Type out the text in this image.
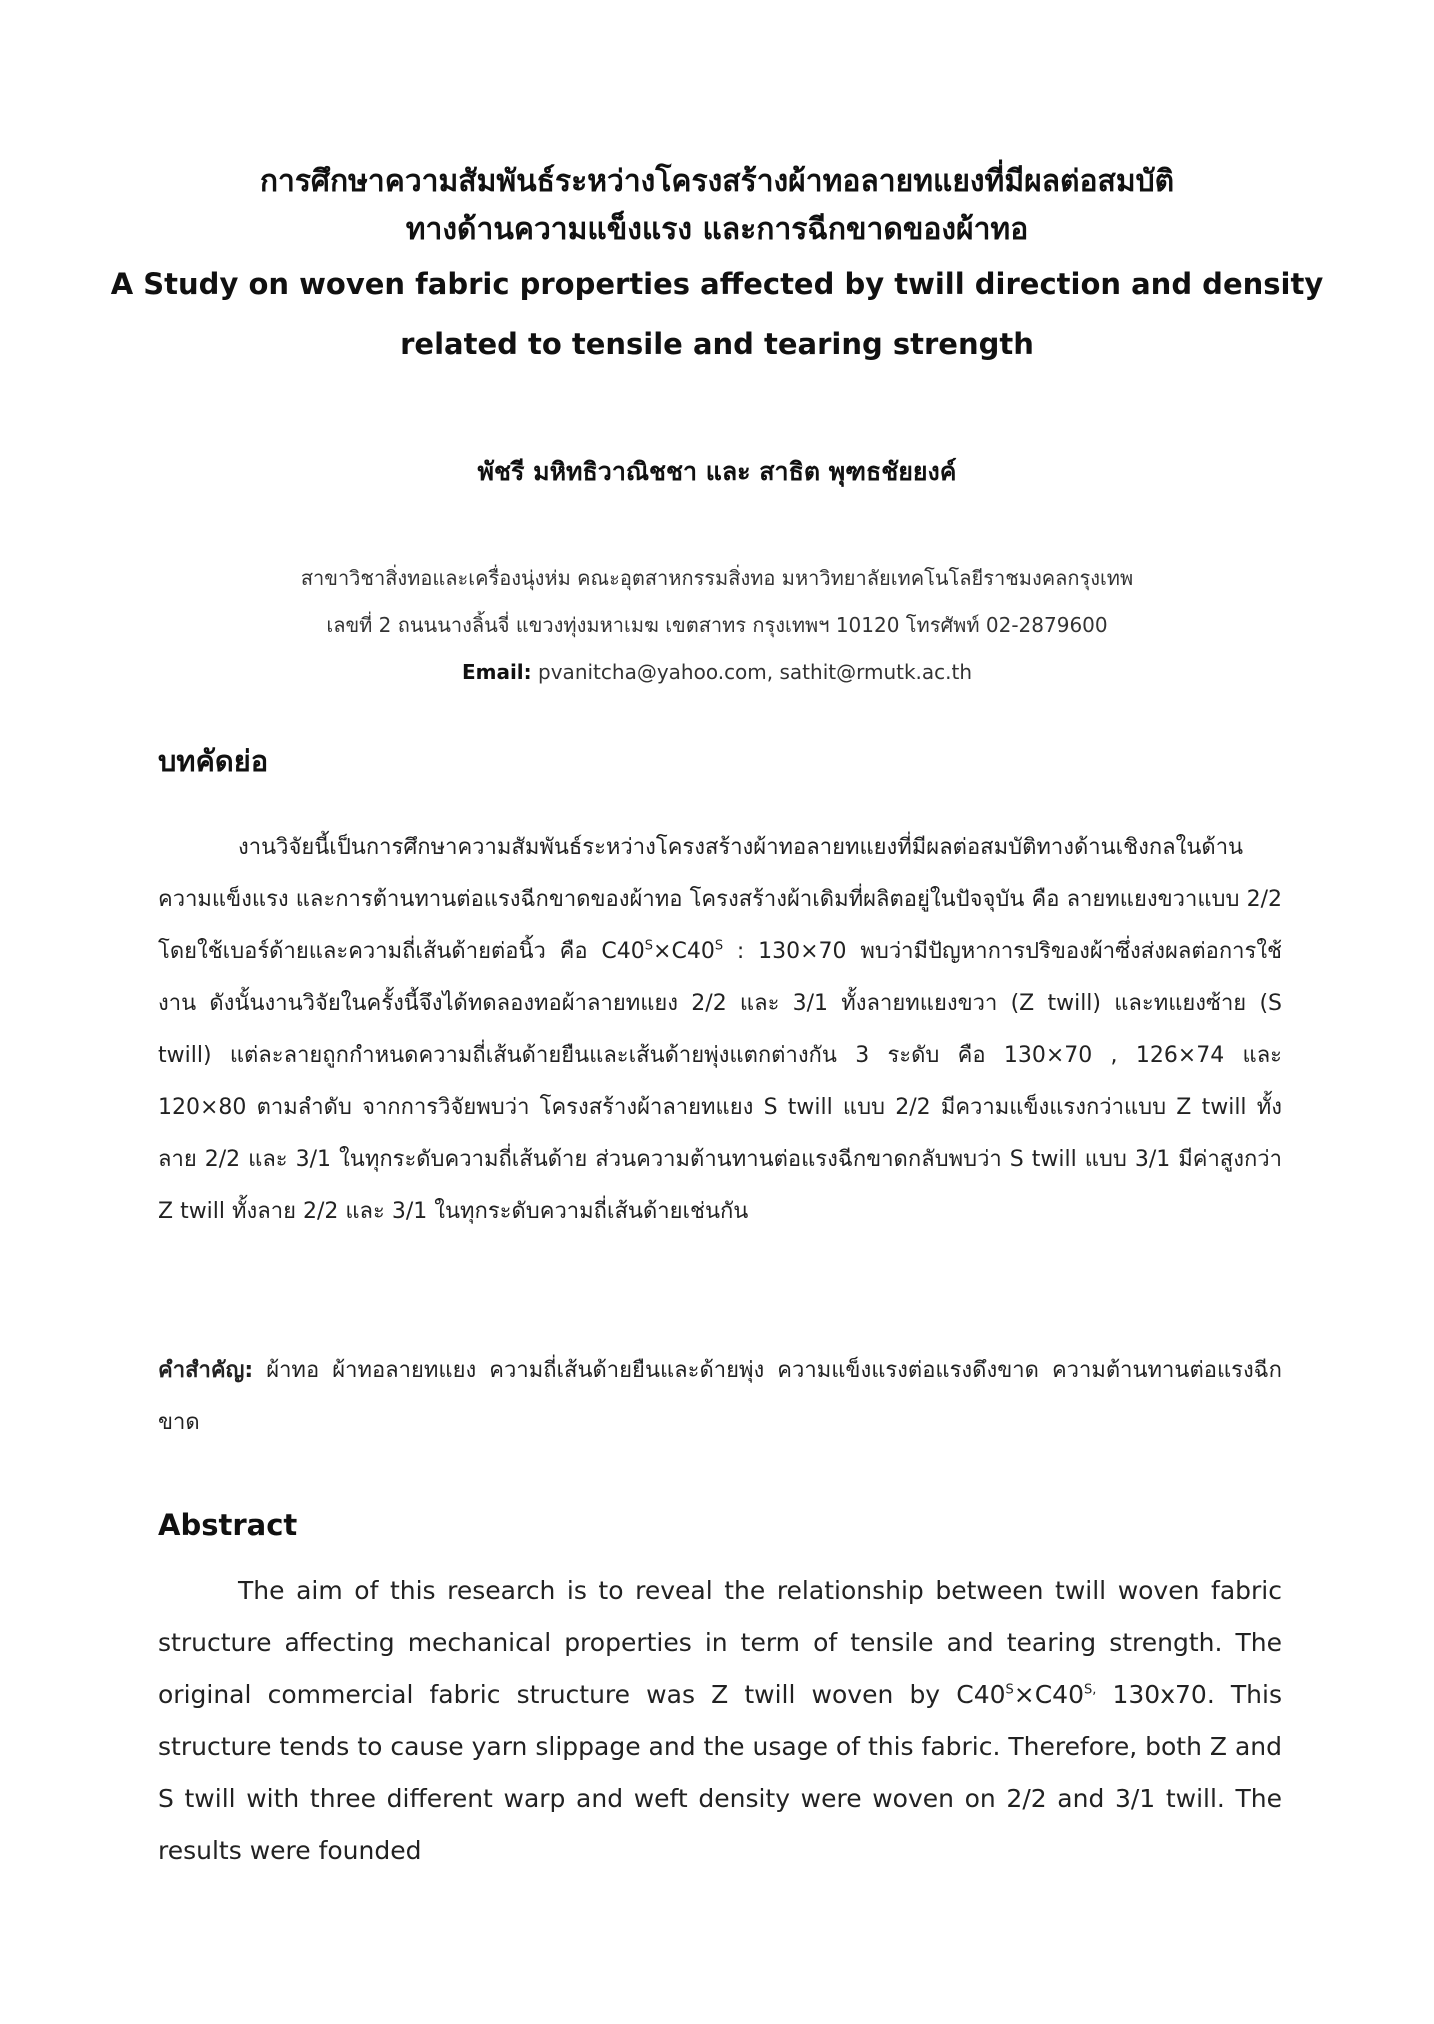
การศึกษาความสัมพันธ์ระหว่างโครงสร้างผ้าทอลายทแยงที่มีผลต่อสมบัติ

ทางด้านความแข็งแรง และการฉีกขาดของผ้าทอ

A Study on woven fabric properties affected by twill direction and density

related to tensile and tearing strength

พัชรี มหิทธิวาณิชชา และ สาธิต พุฑธชัยยงค์
สาขาวิชาสิ่งทอและเครื่องนุ่งห่ม คณะอุตสาหกรรมสิ่งทอ มหาวิทยาลัยเทคโนโลยีราชมงคลกรุงเทพ
เลขที่ 2 ถนนนางลิ้นจี่ แขวงทุ่งมหาเมฆ เขตสาทร กรุงเทพฯ 10120 โทรศัพท์ 02-2879600
Email: pvanitcha@yahoo.com, sathit@rmutk.ac.th
บทคัดย่อ
งานวิจัยนี้เป็นการศึกษาความสัมพันธ์ระหว่างโครงสร้างผ้าทอลายทแยงที่มีผลต่อสมบัติทางด้านเชิงกลในด้านความแข็งแรง และการต้านทานต่อแรงฉีกขาดของผ้าทอ โครงสร้างผ้าเดิมที่ผลิตอยู่ในปัจจุบัน คือ ลายทแยงขวาแบบ 2/2 โดยใช้เบอร์ด้ายและความถี่เส้นด้ายต่อนิ้ว คือ $C40^S\times C40^S$ : 130×70 พบว่ามีปัญหาการปริของผ้าซึ่งส่งผลต่อการใช้งาน ดังนั้นงานวิจัยในครั้งนี้จึงได้ทดลองทอผ้าลายทแยง 2/2 และ 3/1 ทั้งลายทแยงขวา (Z twill) และทแยงซ้าย (S twill) แต่ละลายถูกกำหนดความถี่เส้นด้ายยืนและเส้นด้ายพุ่งแตกต่างกัน 3 ระดับ คือ 130×70 , 126×74 และ 120×80 ตามลำดับ จากการวิจัยพบว่า โครงสร้างผ้าลายทแยง S twill แบบ 2/2 มีความแข็งแรงกว่าแบบ Z twill ทั้งลาย 2/2 และ 3/1 ในทุกระดับความถี่เส้นด้าย ส่วนความต้านทานต่อแรงฉีกขาดกลับพบว่า S twill แบบ 3/1 มีค่าสูงกว่า Z twill ทั้งลาย 2/2 และ 3/1 ในทุกระดับความถี่เส้นด้ายเช่นกัน
คำสำคัญ: ผ้าทอ ผ้าทอลายทแยง ความถี่เส้นด้ายยืนและด้ายพุ่ง ความแข็งแรงต่อแรงดึงขาด ความต้านทานต่อแรงฉีกขาด
Abstract
The aim of this research is to reveal the relationship between twill woven fabric structure affecting mechanical properties in term of tensile and tearing strength. The original commercial fabric structure was Z twill woven by $C40^S\times C40^{S,}$ 130x70. This structure tends to cause yarn slippage and the usage of this fabric. Therefore, both Z and S twill with three different warp and weft density were woven on 2/2 and 3/1 twill. The results were founded
